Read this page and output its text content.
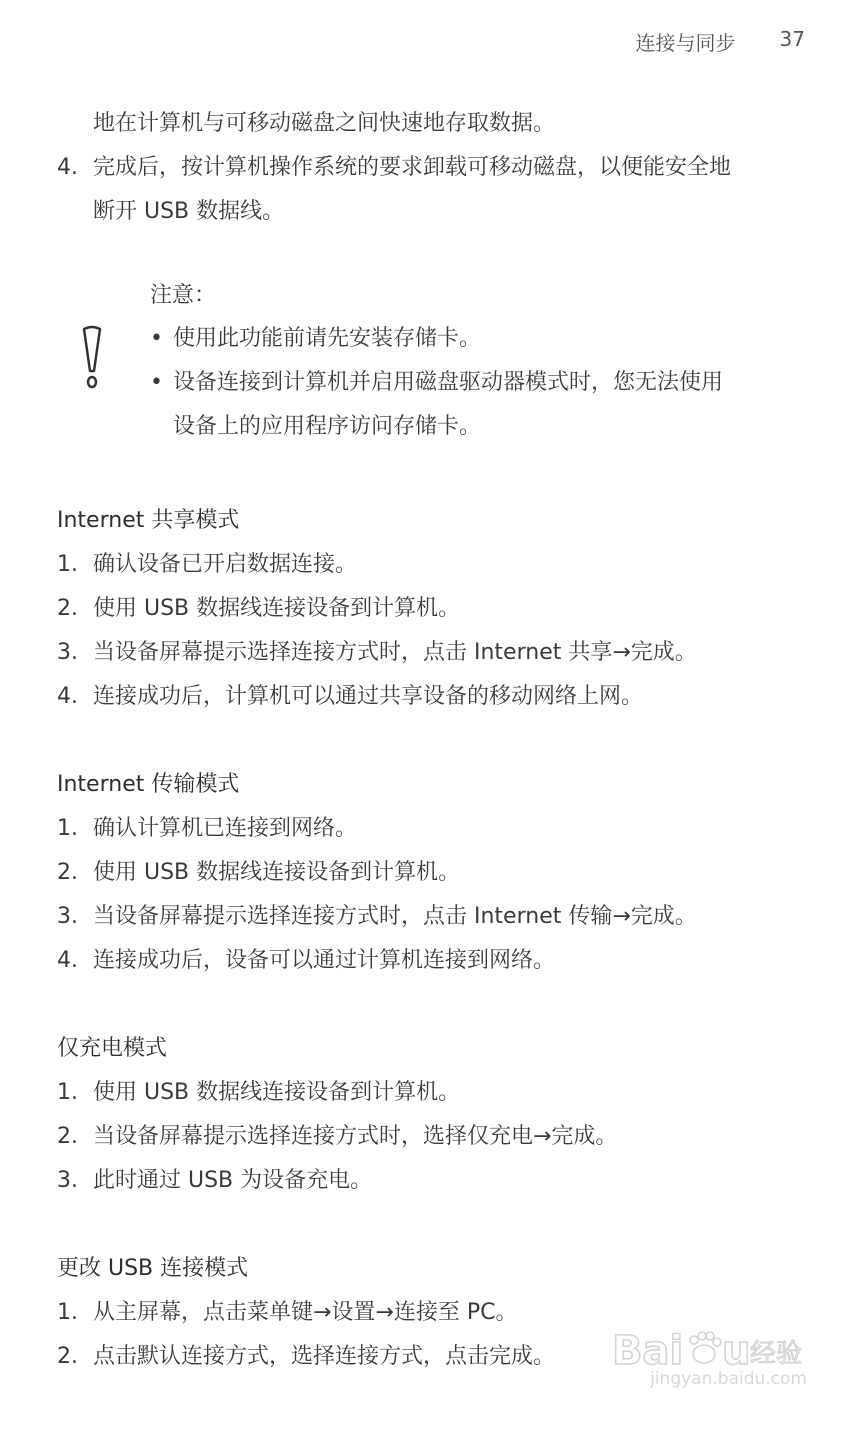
连接与同步 37
地在计算机与可移动磁盘之间快速地存取数据。
4. 完成后，按计算机操作系统的要求卸载可移动磁盘，以便能安全地
断开 USB 数据线。
注意：
• 使用此功能前请先安装存储卡。
• 设备连接到计算机并启用磁盘驱动器模式时，您无法使用
设备上的应用程序访问存储卡。
Internet 共享模式
1. 确认设备已开启数据连接。
2. 使用 USB 数据线连接设备到计算机。
3. 当设备屏幕提示选择连接方式时，点击 Internet 共享→完成。
4. 连接成功后，计算机可以通过共享设备的移动网络上网。
Internet 传输模式
1. 确认计算机已连接到网络。
2. 使用 USB 数据线连接设备到计算机。
3. 当设备屏幕提示选择连接方式时，点击 Internet 传输→完成。
4. 连接成功后，设备可以通过计算机连接到网络。
仅充电模式
1. 使用 USB 数据线连接设备到计算机。
2. 当设备屏幕提示选择连接方式时，选择仅充电→完成。
3. 此时通过 USB 为设备充电。
更改 USB 连接模式
1. 从主屏幕，点击菜单键→设置→连接至 PC。
2. 点击默认连接方式，选择连接方式，点击完成。 Bai u 经验
jingyan.baidu.com
